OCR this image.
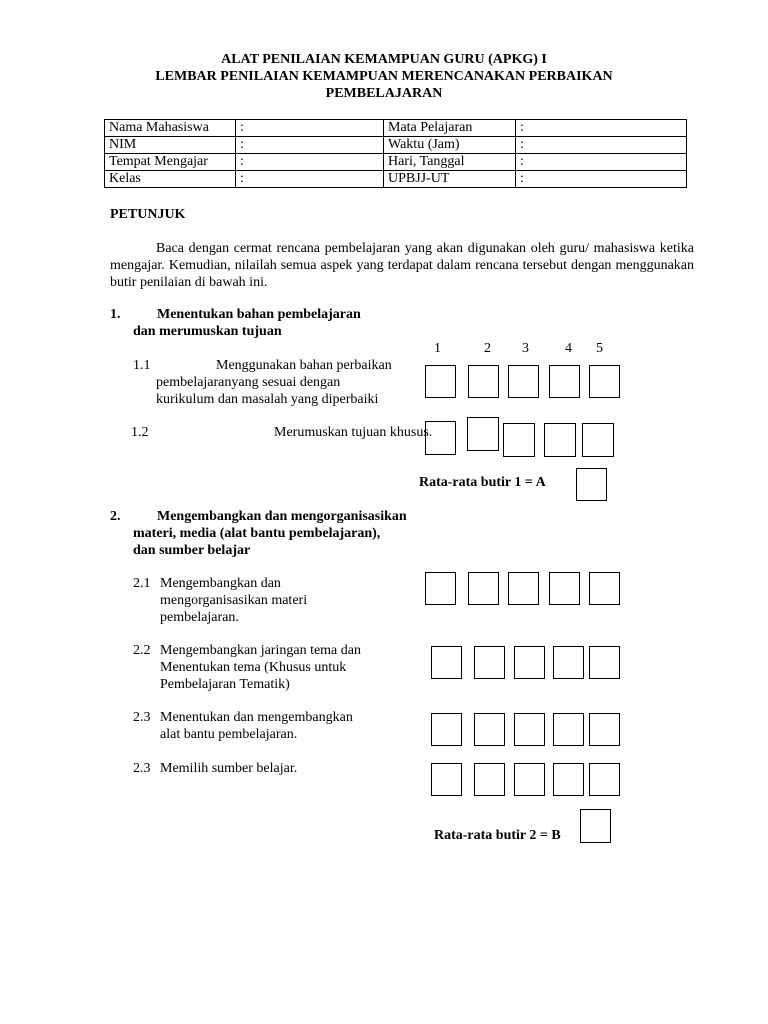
ALAT PENILAIAN KEMAMPUAN GURU (APKG) I
LEMBAR PENILAIAN KEMAMPUAN MERENCANAKAN PERBAIKAN
PEMBELAJARAN
Nama Mahasiswa	:	Mata Pelajaran	:
NIM	:	Waktu (Jam)	:
Tempat Mengajar	:	Hari, Tanggal	:
Kelas	:	UPBJJ-UT	:
PETUNJUK
Baca dengan cermat rencana pembelajaran yang akan digunakan oleh guru/ mahasiswa ketika mengajar. Kemudian, nilailah semua aspek yang terdapat dalam rencana tersebut dengan menggunakan butir penilaian di bawah ini.
1.	Menentukan bahan pembelajaran
dan merumuskan tujuan
1	2 3	4 5
1.1	Menggunakan bahan perbaikan
pembelajaranyang sesuai dengan
kurikulum dan masalah yang diperbaiki
1.2	Merumuskan tujuan khusus.
Rata-rata butir 1 = A
2.	Mengembangkan dan mengorganisasikan
materi, media (alat bantu pembelajaran),
dan sumber belajar
2.1 Mengembangkan dan
mengorganisasikan materi
pembelajaran.
2.2 Mengembangkan jaringan tema dan
Menentukan tema (Khusus untuk
Pembelajaran Tematik)
2.3 Menentukan dan mengembangkan
alat bantu pembelajaran.
2.3 Memilih sumber belajar.
Rata-rata butir 2 = B
